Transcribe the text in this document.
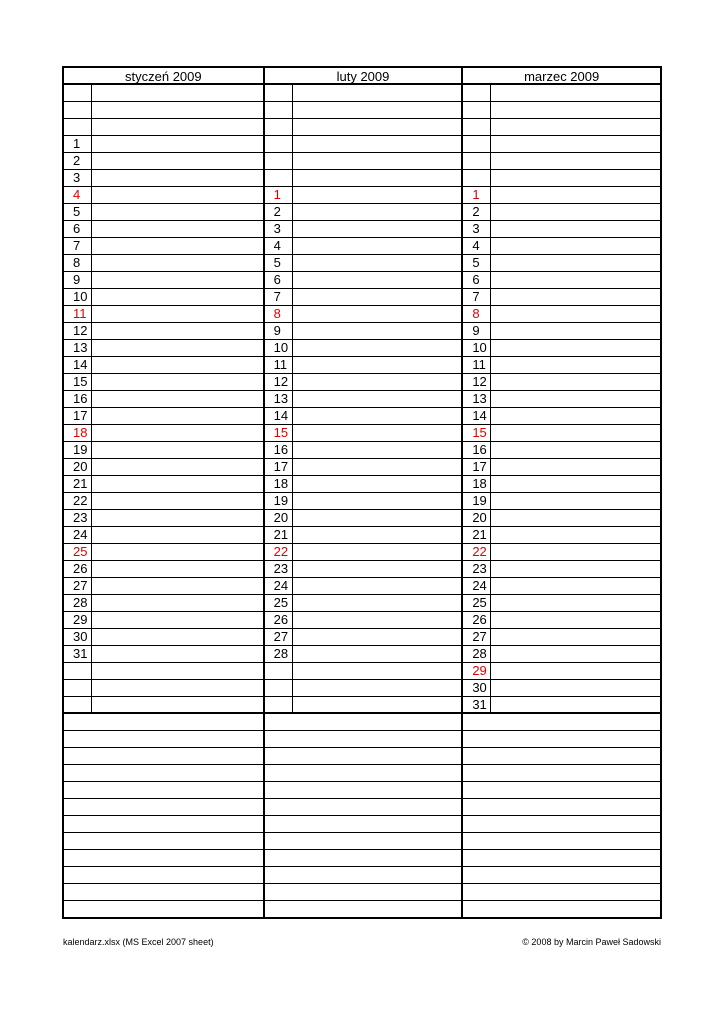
styczeń 2009
1
2
3
4
5
6
7
8
9
10
11
12
13
14
15
16
17
18
19
20
21
22
23
24
25
26
27
28
29
30
31
luty 2009
1
2
3
4
5
6
7
8
9
10
11
12
13
14
15
16
17
18
19
20
21
22
23
24
25
26
27
28
marzec 2009
1
2
3
4
5
6
7
8
9
10
11
12
13
14
15
16
17
18
19
20
21
22
23
24
25
26
27
28
29
30
31
kalendarz.xlsx (MS Excel 2007 sheet)	© 2008 by Marcin Paweł Sadowski
